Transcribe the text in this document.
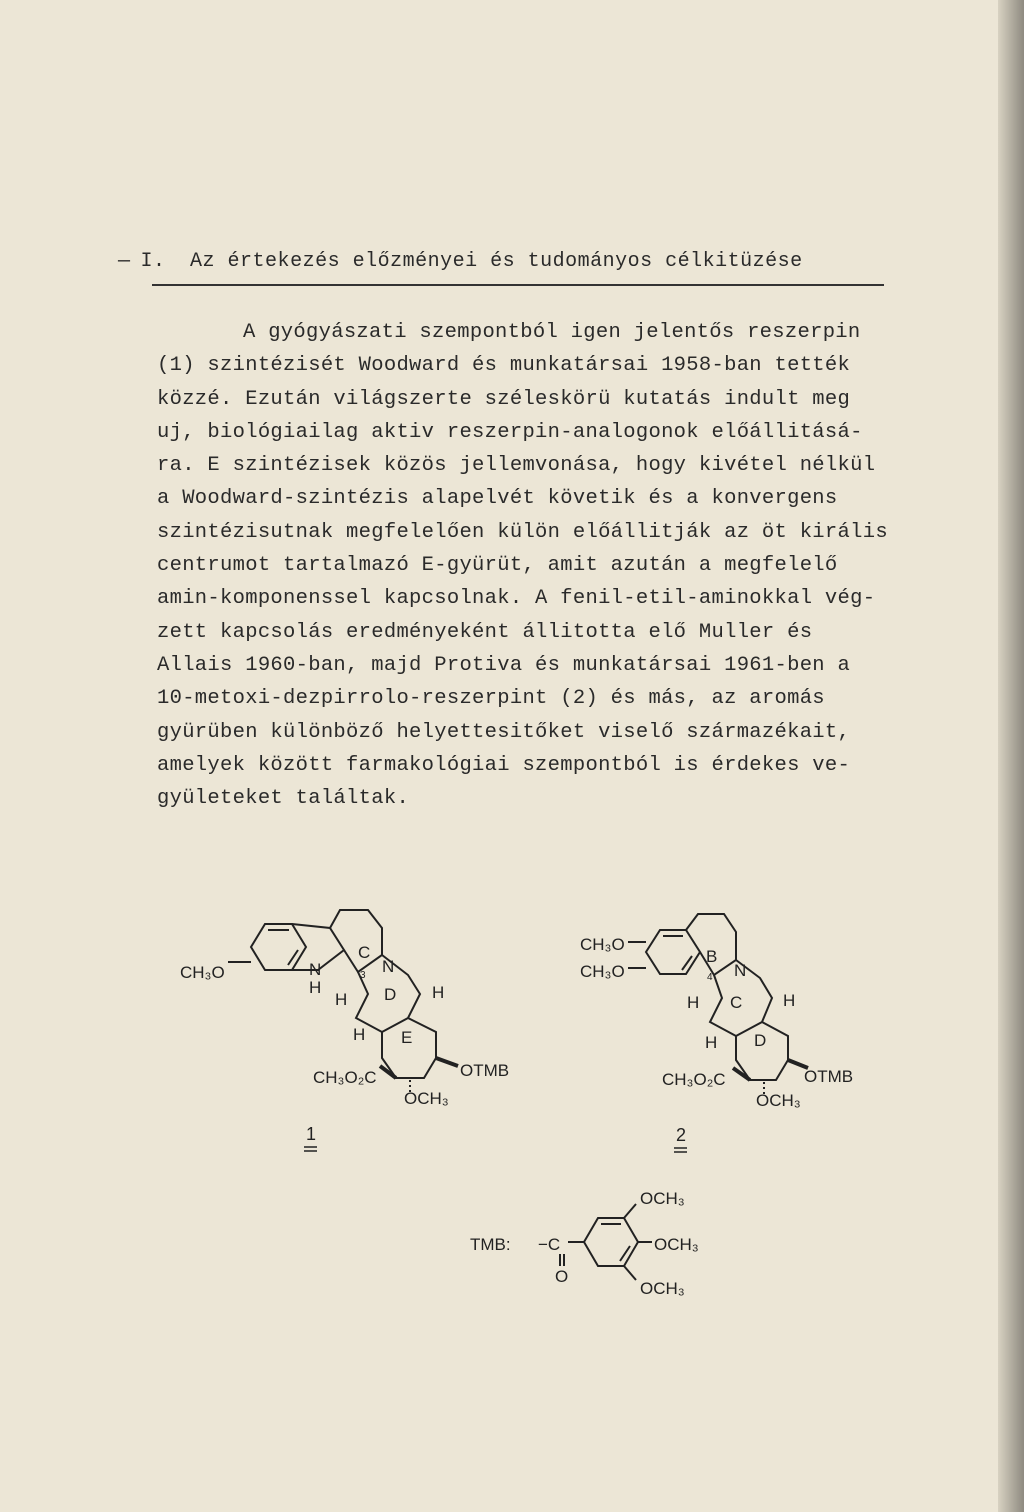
— I. Az értekezés előzményei és tudományos célkitüzése
A gyógyászati szempontból igen jelentős reszerpin
(1) szintézisét Woodward és munkatársai 1958-ban tették
közzé. Ezután világszerte széleskörü kutatás indult meg
uj, biológiailag aktiv reszerpin-analogonok előállitásá-
ra. E szintézisek közös jellemvonása, hogy kivétel nélkül
a Woodward-szintézis alapelvét követik és a konvergens
szintézisutnak megfelelően külön előállitják az öt királis
centrumot tartalmazó E-gyürüt, amit azután a megfelelő
amin-komponenssel kapcsolnak. A fenil-etil-aminokkal vég-
zett kapcsolás eredményeként állitotta elő Muller és
Allais 1960-ban, majd Protiva és munkatársai 1961-ben a
10-metoxi-dezpirrolo-reszerpint (2) és más, az aromás
gyürüben különböző helyettesitőket viselő származékait,
amelyek között farmakológiai szempontból is érdekes ve-
gyületeket találtak.
CH₃O	N
H
C
3 N
H D H
H E
CH₃O₂C
OCH₃
OTMB
1
CH₃O
CH₃O
B
4 N
H C H
H D
CH₃O₂C
OCH₃
OTMB
2
TMB: −C
O
OCH₃
OCH₃
OCH₃
